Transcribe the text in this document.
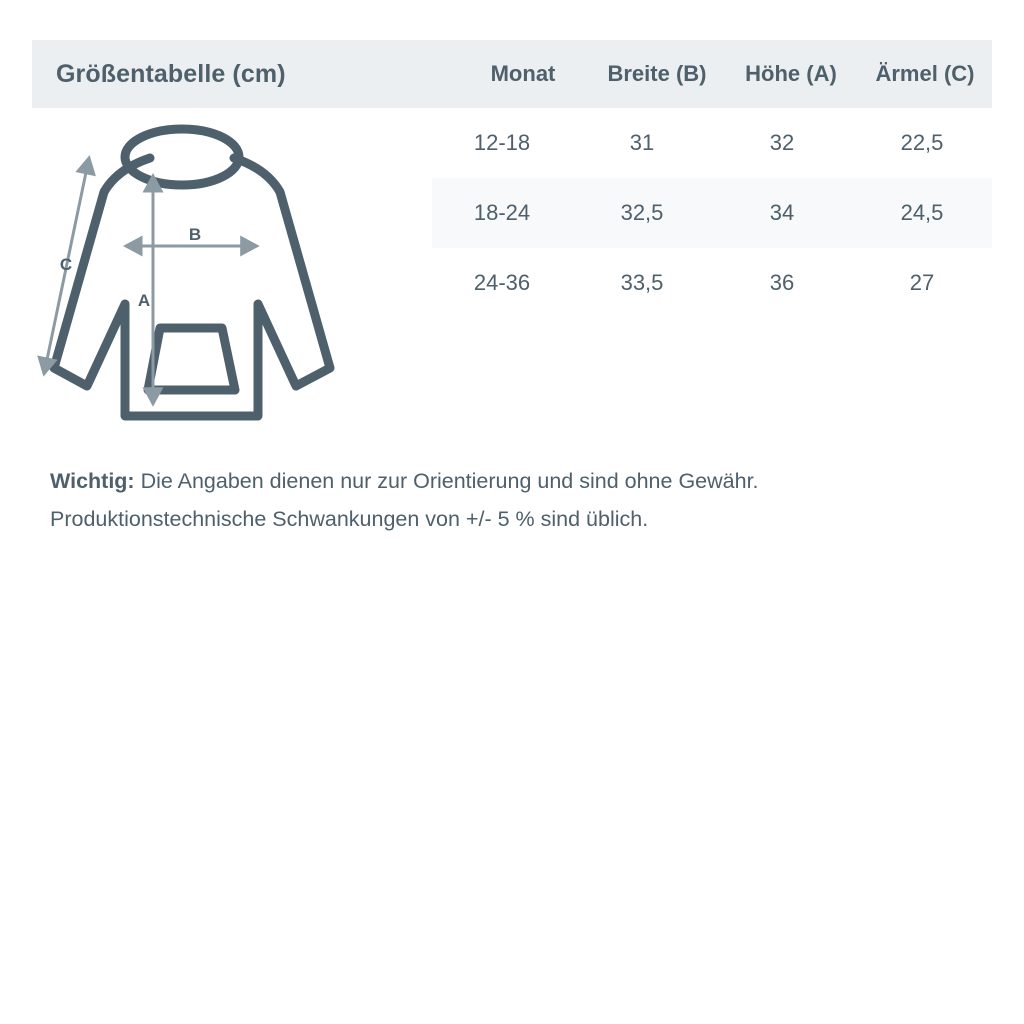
Größentabelle (cm)	Monat	Breite (B)	Höhe (A)	Ärmel (C)
12-18	31	32	22,5
18-24	32,5	34	24,5
24-36	33,5	36	27
B
A
C
Wichtig: Die Angaben dienen nur zur Orientierung und sind ohne Gewähr.
Produktionstechnische Schwankungen von +/- 5 % sind üblich.
